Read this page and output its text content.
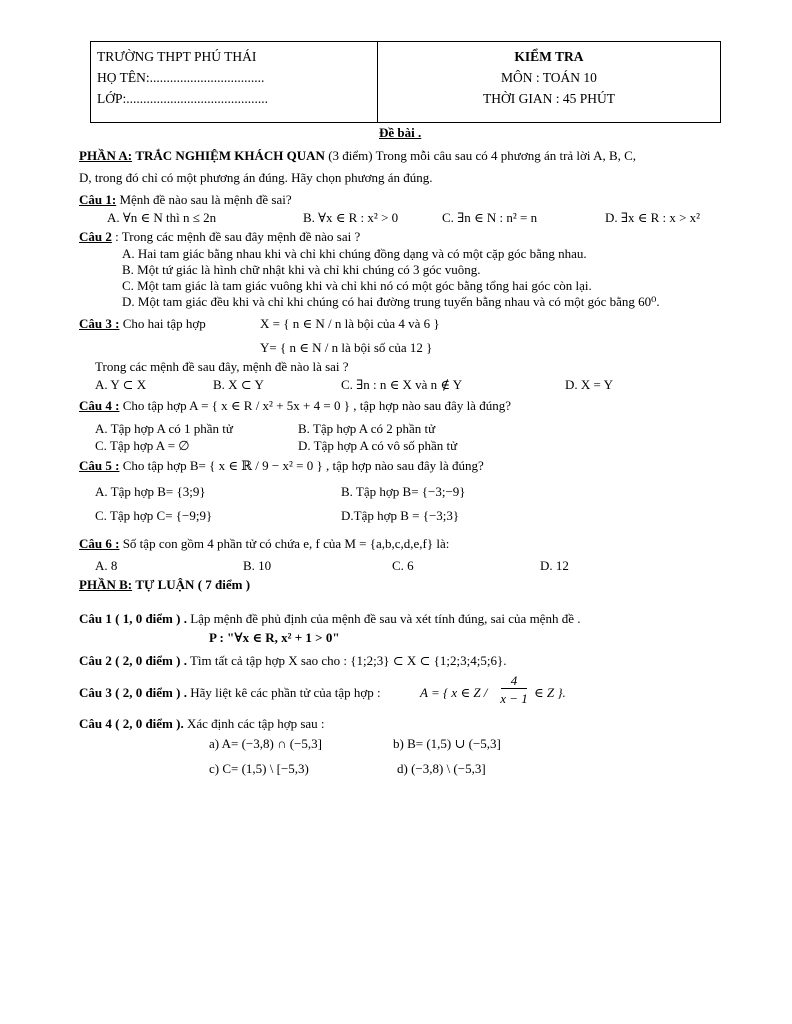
TRƯỜNG THPT PHÚ THÁI
HỌ TÊN:..................................
LỚP:..........................................
KIỂM TRA
MÔN : TOÁN 10
THỜI GIAN : 45 PHÚT
Đề bài .
PHẦN A: TRẮC NGHIỆM KHÁCH QUAN (3 điểm) Trong mỗi câu sau có 4 phương án trả lời A, B, C,
D, trong đó chỉ có một phương án đúng. Hãy chọn phương án đúng.
Câu 1: Mệnh đề nào sau là mệnh đề sai?
A. ∀n ∈ N thì n ≤ 2n	B. ∀x ∈ R : x² > 0	C. ∃n ∈ N : n² = n	D. ∃x ∈ R : x > x²
Câu 2 : Trong các mệnh đề sau đây mệnh đề nào sai ?
A. Hai tam giác bằng nhau khi và chỉ khi chúng đồng dạng và có một cặp góc bằng nhau.
B. Một tứ giác là hình chữ nhật khi và chỉ khi chúng có 3 góc vuông.
C. Một tam giác là tam giác vuông khi và chỉ khi nó có một góc bằng tổng hai góc còn lại.
D. Một tam giác đều khi và chỉ khi chúng có hai đường trung tuyến bằng nhau và có một góc bằng 60⁰.
Câu 3 : Cho hai tập hợp	X = { n ∈ N / n là bội của 4 và 6 }
Y= { n ∈ N / n là bội số của 12 }
Trong các mệnh đề sau đây, mệnh đề nào là sai ?
A. Y ⊂ X	B. X ⊂ Y	C. ∃n : n ∈ X và n ∉ Y	D. X = Y
Câu 4 : Cho tập hợp A = { x ∈ R / x² + 5x + 4 = 0 } , tập hợp nào sau đây là đúng?
A. Tập hợp A có 1 phần tử	B. Tập hợp A có 2 phần tử
C. Tập hợp A = ∅	D. Tập hợp A có vô số phần tử
Câu 5 : Cho tập hợp B= { x ∈ ℝ / 9 − x² = 0 } , tập hợp nào sau đây là đúng?
A. Tập hợp B= {3;9}	B. Tập hợp B= {−3;−9}
C. Tập hợp C= {−9;9}	D.Tập hợp B = {−3;3}
Câu 6 : Số tập con gồm 4 phần tử có chứa e, f của M = {a,b,c,d,e,f} là:
A. 8	B. 10	C. 6	D. 12
PHẦN B: TỰ LUẬN ( 7 điểm )
Câu 1 ( 1, 0 điểm ) . Lập mệnh đề phủ định của mệnh đề sau và xét tính đúng, sai của mệnh đề .
P : "∀x ∈ R, x² + 1 > 0"
Câu 2 ( 2, 0 điểm ) . Tìm tất cả tập hợp X sao cho : {1;2;3} ⊂ X ⊂ {1;2;3;4;5;6}.
Câu 3 ( 2, 0 điểm ) . Hãy liệt kê các phần tử của tập hợp :	A = { x ∈ Z /
4
x − 1 ∈ Z }.
Câu 4 ( 2, 0 điểm ). Xác định các tập hợp sau :
a) A= (−3,8) ∩ (−5,3]	b) B= (1,5) ∪ (−5,3]
c) C= (1,5) \ [−5,3)	d) (−3,8) \ (−5,3]
